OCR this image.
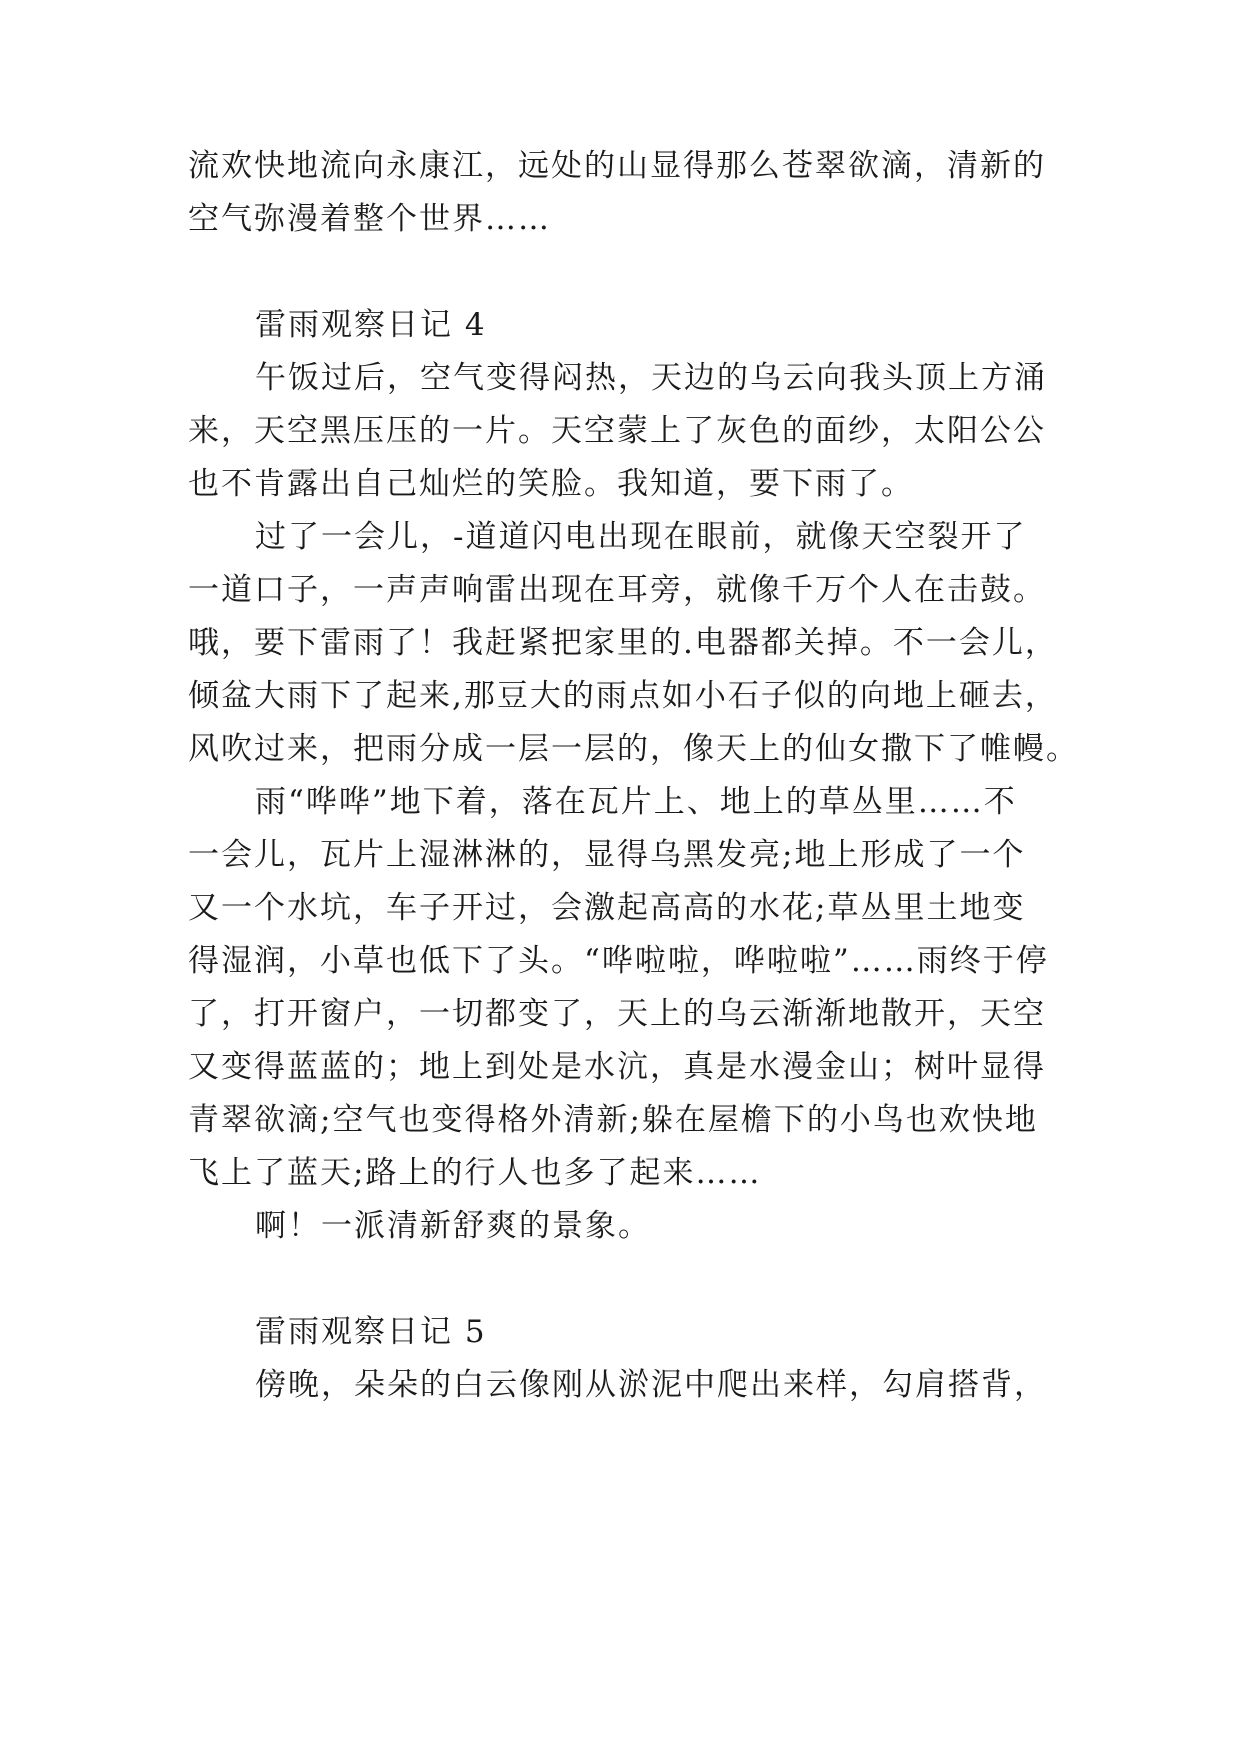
流欢快地流向永康江，远处的山显得那么苍翠欲滴，清新的
空气弥漫着整个世界……
雷雨观察日记 4
午饭过后，空气变得闷热，天边的乌云向我头顶上方涌
来，天空黑压压的一片。天空蒙上了灰色的面纱，太阳公公
也不肯露出自己灿烂的笑脸。我知道，要下雨了。
过了一会儿，-道道闪电出现在眼前，就像天空裂开了
一道口子，一声声响雷出现在耳旁，就像千万个人在击鼓。
哦，要下雷雨了！我赶紧把家里的.电器都关掉。不一会儿，
倾盆大雨下了起来,那豆大的雨点如小石子似的向地上砸去，
风吹过来，把雨分成一层一层的，像天上的仙女撒下了帷幔。
雨“哗哗”地下着，落在瓦片上、地上的草丛里……不
一会儿，瓦片上湿淋淋的，显得乌黑发亮;地上形成了一个
又一个水坑，车子开过，会激起高高的水花;草丛里土地变
得湿润，小草也低下了头。“哗啦啦，哗啦啦”……雨终于停
了，打开窗户，一切都变了，天上的乌云渐渐地散开，天空
又变得蓝蓝的；地上到处是水沆，真是水漫金山；树叶显得
青翠欲滴;空气也变得格外清新;躲在屋檐下的小鸟也欢快地
飞上了蓝天;路上的行人也多了起来……
啊！一派清新舒爽的景象。
雷雨观察日记 5
傍晚，朵朵的白云像刚从淤泥中爬出来样，勾肩搭背，
